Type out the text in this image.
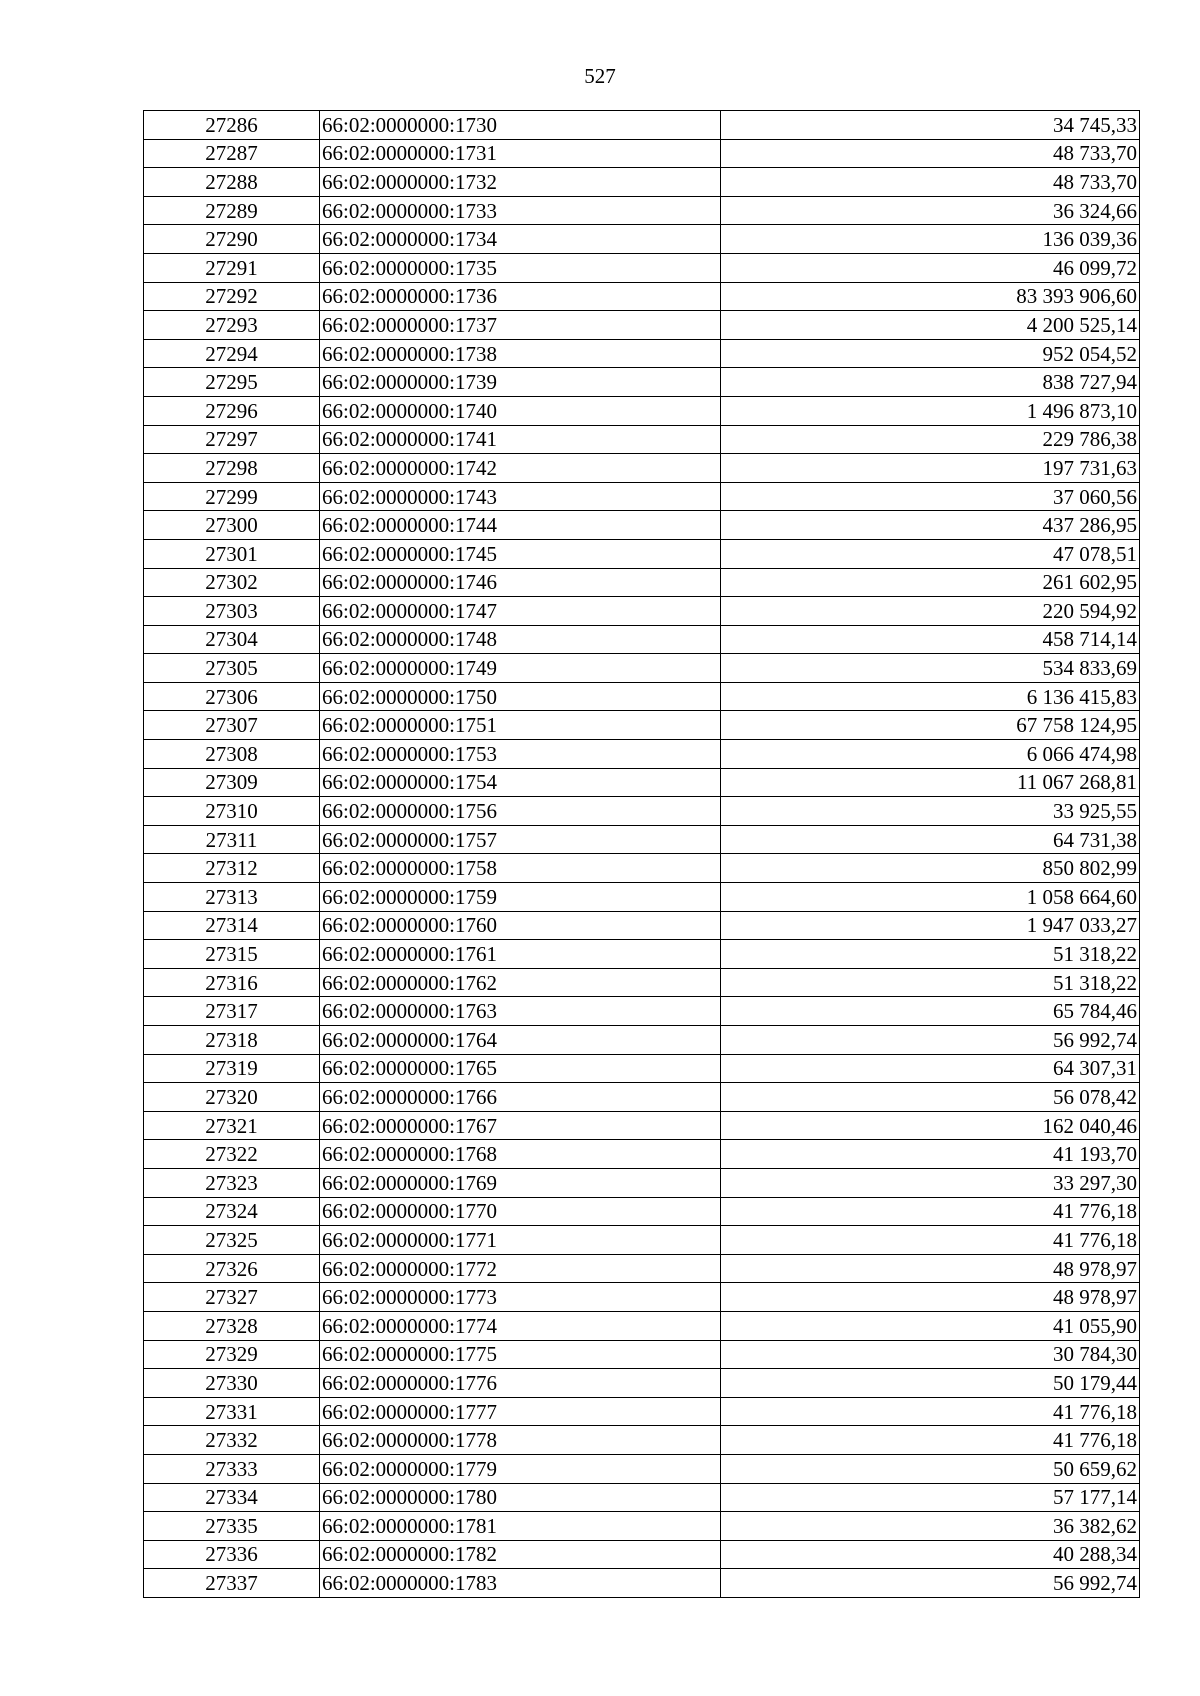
527
27286	66:02:0000000:1730	34 745,33
27287	66:02:0000000:1731	48 733,70
27288	66:02:0000000:1732	48 733,70
27289	66:02:0000000:1733	36 324,66
27290	66:02:0000000:1734	136 039,36
27291	66:02:0000000:1735	46 099,72
27292	66:02:0000000:1736	83 393 906,60
27293	66:02:0000000:1737	4 200 525,14
27294	66:02:0000000:1738	952 054,52
27295	66:02:0000000:1739	838 727,94
27296	66:02:0000000:1740	1 496 873,10
27297	66:02:0000000:1741	229 786,38
27298	66:02:0000000:1742	197 731,63
27299	66:02:0000000:1743	37 060,56
27300	66:02:0000000:1744	437 286,95
27301	66:02:0000000:1745	47 078,51
27302	66:02:0000000:1746	261 602,95
27303	66:02:0000000:1747	220 594,92
27304	66:02:0000000:1748	458 714,14
27305	66:02:0000000:1749	534 833,69
27306	66:02:0000000:1750	6 136 415,83
27307	66:02:0000000:1751	67 758 124,95
27308	66:02:0000000:1753	6 066 474,98
27309	66:02:0000000:1754	11 067 268,81
27310	66:02:0000000:1756	33 925,55
27311	66:02:0000000:1757	64 731,38
27312	66:02:0000000:1758	850 802,99
27313	66:02:0000000:1759	1 058 664,60
27314	66:02:0000000:1760	1 947 033,27
27315	66:02:0000000:1761	51 318,22
27316	66:02:0000000:1762	51 318,22
27317	66:02:0000000:1763	65 784,46
27318	66:02:0000000:1764	56 992,74
27319	66:02:0000000:1765	64 307,31
27320	66:02:0000000:1766	56 078,42
27321	66:02:0000000:1767	162 040,46
27322	66:02:0000000:1768	41 193,70
27323	66:02:0000000:1769	33 297,30
27324	66:02:0000000:1770	41 776,18
27325	66:02:0000000:1771	41 776,18
27326	66:02:0000000:1772	48 978,97
27327	66:02:0000000:1773	48 978,97
27328	66:02:0000000:1774	41 055,90
27329	66:02:0000000:1775	30 784,30
27330	66:02:0000000:1776	50 179,44
27331	66:02:0000000:1777	41 776,18
27332	66:02:0000000:1778	41 776,18
27333	66:02:0000000:1779	50 659,62
27334	66:02:0000000:1780	57 177,14
27335	66:02:0000000:1781	36 382,62
27336	66:02:0000000:1782	40 288,34
27337	66:02:0000000:1783	56 992,74
